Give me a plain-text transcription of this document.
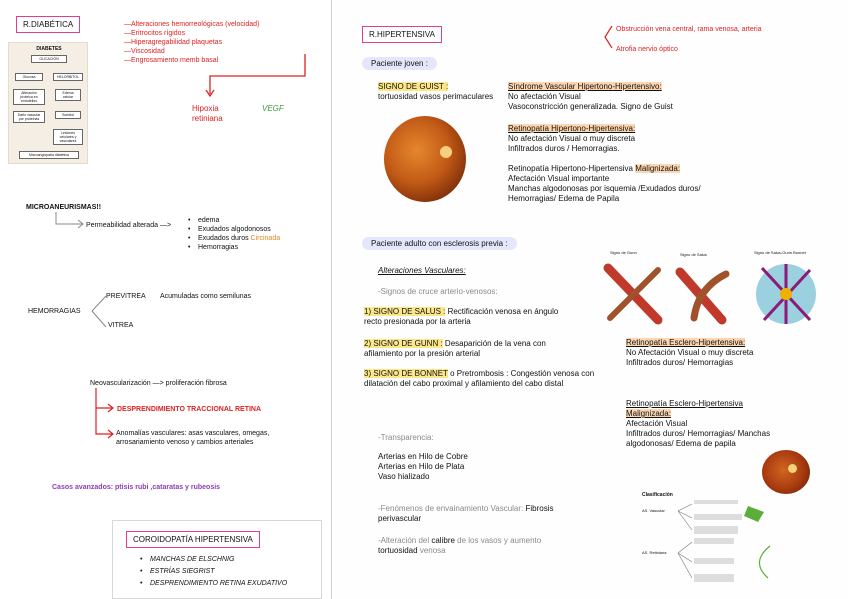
R.DIABÉTICA
DIABETES
GLICACIÓN
Glucosa	HELORBITOL
Alteración proteica en endotelios
Edema celular
Daño vascular por proteinas
Sorbitol
Lesiones celulares y vasculares
Microangiopatía diabética
—Alteraciones hemorreológicas (velocidad)
—Eritrocitos rígidos
—Hiperagregabilidad plaquetas
—Viscosidad
—Engrosamiento memb basal
Hipoxia
retiniana
VEGF
MICROANEURISMAS!!
Permeabilidad alterada —>
• edema
• Exudados algodonosos
• Exudados duros Circinada
• Hemorragias
HEMORRAGIAS
PREVITREA Acumuladas como semilunas
VITREA
Neovascularización —> proliferación fibrosa
DESPRENDIMIENTO TRACCIONAL RETINA
Anomalías vasculares: asas vasculares, omegas, arrosariamiento venoso y cambios arteriales
Casos avanzados: ptisis rubi ,cataratas y rubeosis
COROIDOPATÍA HIPERTENSIVA
• MANCHAS DE ELSCHNIG
• ESTRÍAS SIEGRIST
• DESPRENDIMIENTO RETINA EXUDATIVO
R.HIPERTENSIVA
Obstrucción vena central, rama venosa, arteria
Atrofia nervio óptico
Paciente joven :
SIGNO DE GUIST :
tortuosidad vasos perimaculares
Síndrome Vascular Hipertono-Hipertensivo:
No afectación Visual
Vasoconstricción generalizada. Signo de Guist
Retinopatía Hipertono-Hipertensiva:
No afectación Visual o muy discreta
Infiltrados duros / Hemorragias.
Retinopatía Hipertono-Hipertensiva Malignizada:
Afectación Visual importante
Manchas algodonosas por isquemia /Exudados duros/
Hemorragias/ Edema de Papila
Paciente adulto con esclerosis previa :
Alteraciones Vasculares:
-Signos de cruce arterio-venosos:
1) SIGNO DE SALUS : Rectificación venosa en ángulo recto presionada por la arteria
2) SIGNO DE GUNN : Desaparición de la vena con afilamiento por la presión arterial
3) SIGNO DE BONNET o Pretrombosis : Congestión venosa con dilatación del cabo proximal y afilamiento del cabo distal
-Transparencia:
Arterias en Hilo de Cobre
Arterias en Hilo de Plata
Vaso hializado
-Fenómenos de envainamiento Vascular: Fibrosis perivascular
-Alteración del calibre de los vasos y aumento tortuosidad venosa
Signo de Gunn	Signo de Salus	Signo de Salus-Gunn Bonnet
Retinopatía Esclero-Hipertensiva:
No Afectación Visual o muy discreta
Infiltrados duros/ Hemorragias
Retinopatía Esclero-Hipertensiva
Malignizada:
Afectación Visual
Infiltrados duros/ Hemorragias/ Manchas algodonosas/ Edema de papila
Clasificación
AS. Vascular
AS. Retiniana
